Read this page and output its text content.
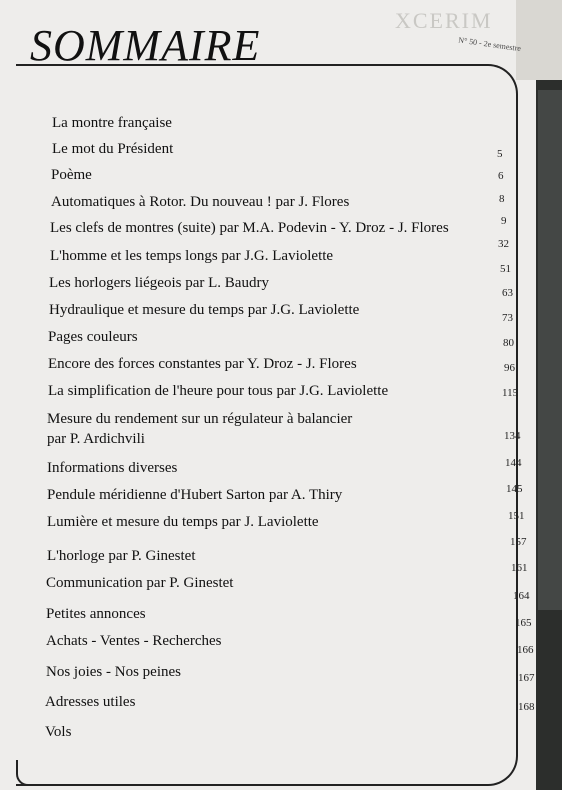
XCERIM
N° 50 - 2e semestre
SOMMAIRE
La montre française
Le mot du Président
Poème
Automatiques à Rotor. Du nouveau ! par J. Flores
Les clefs de montres (suite) par M.A. Podevin - Y. Droz - J. Flores
L'homme et les temps longs par J.G. Laviolette
Les horlogers liégeois par L. Baudry
Hydraulique et mesure du temps par J.G. Laviolette
Pages couleurs
Encore des forces constantes par Y. Droz - J. Flores
La simplification de l'heure pour tous par J.G. Laviolette
Mesure du rendement sur un régulateur à balancier
par P. Ardichvili
Informations diverses
Pendule méridienne d'Hubert Sarton par A. Thiry
Lumière et mesure du temps par J. Laviolette
L'horloge par P. Ginestet
Communication par P. Ginestet
Petites annonces
Achats - Ventes - Recherches
Nos joies - Nos peines
Adresses utiles
Vols
5
6
8
9
32
51
63
73
80
96
115
134
144
145
151
157
161
164
165
166
167
168
